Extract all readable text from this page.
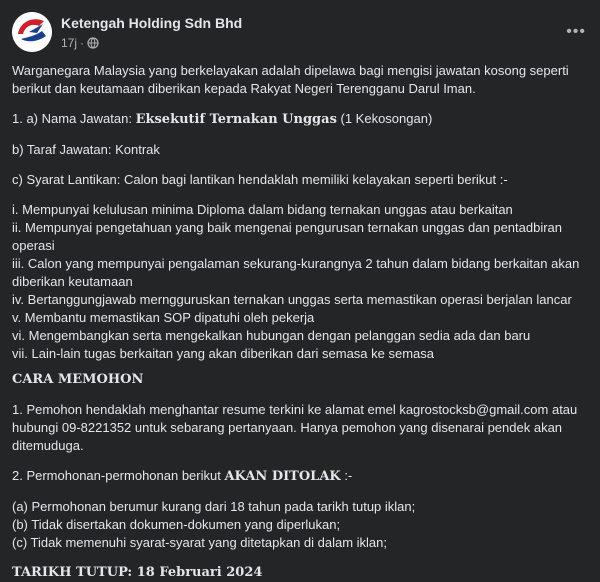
Ketengah Holding Sdn Bhd
17j ·
•••

Warganegara Malaysia yang berkelayakan adalah dipelawa bagi mengisi jawatan kosong seperti berikut dan keutamaan diberikan kepada Rakyat Negeri Terengganu Darul Iman.

1. a) Nama Jawatan: Eksekutif Ternakan Unggas (1 Kekosongan)

b) Taraf Jawatan: Kontrak

c) Syarat Lantikan: Calon bagi lantikan hendaklah memiliki kelayakan seperti berikut :-

i. Mempunyai kelulusan minima Diploma dalam bidang ternakan unggas atau berkaitan

ii. Mempunyai pengetahuan yang baik mengenai pengurusan ternakan unggas dan pentadbiran operasi

iii. Calon yang mempunyai pengalaman sekurang-kurangnya 2 tahun dalam bidang berkaitan akan diberikan keutamaan

iv. Bertanggungjawab merngguruskan ternakan unggas serta memastikan operasi berjalan lancar

v. Membantu memastikan SOP dipatuhi oleh pekerja

vi. Mengembangkan serta mengekalkan hubungan dengan pelanggan sedia ada dan baru

vii. Lain-lain tugas berkaitan yang akan diberikan dari semasa ke semasa

CARA MEMOHON

1. Pemohon hendaklah menghantar resume terkini ke alamat emel kagrostocksb@gmail.com atau hubungi 09-8221352 untuk sebarang pertanyaan. Hanya pemohon yang disenarai pendek akan ditemuduga.

2. Permohonan-permohonan berikut AKAN DITOLAK :-

(a) Permohonan berumur kurang dari 18 tahun pada tarikh tutup iklan;

(b) Tidak disertakan dokumen-dokumen yang diperlukan;

(c) Tidak memenuhi syarat-syarat yang ditetapkan di dalam iklan;

TARIKH TUTUP: 18 Februari 2024
